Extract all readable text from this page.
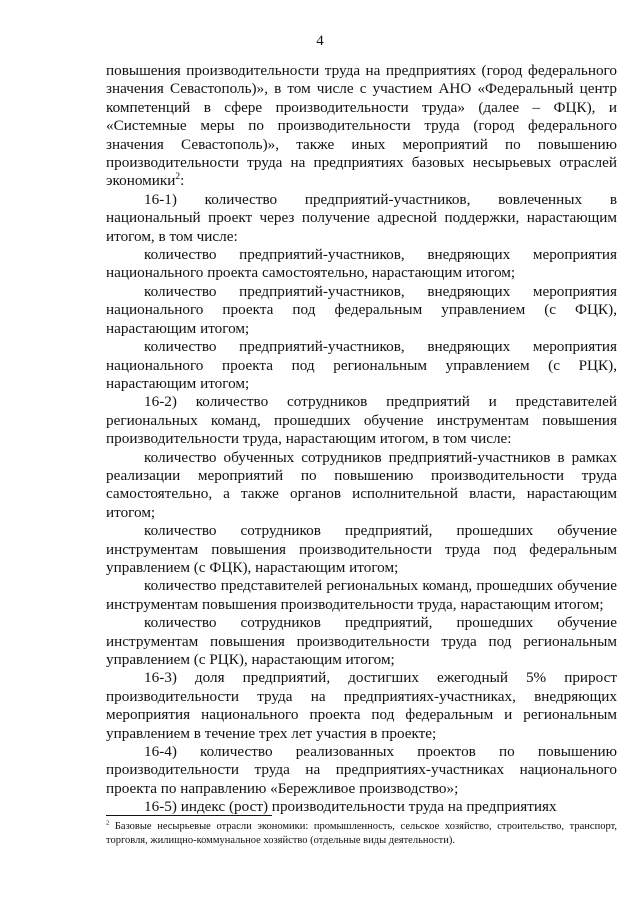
4

повышения производительности труда на предприятиях (город федерального значения Севастополь)», в том числе с участием АНО «Федеральный центр компетенций в сфере производительности труда» (далее – ФЦК), и «Системные меры по производительности труда (город федерального значения Севастополь)», также иных мероприятий по повышению производительности труда на предприятиях базовых несырьевых отраслей экономики$^2$:

16-1) количество предприятий-участников, вовлеченных в национальный проект через получение адресной поддержки, нарастающим итогом, в том числе:

количество предприятий-участников, внедряющих мероприятия национального проекта самостоятельно, нарастающим итогом;

количество предприятий-участников, внедряющих мероприятия национального проекта под федеральным управлением (с ФЦК), нарастающим итогом;

количество предприятий-участников, внедряющих мероприятия национального проекта под региональным управлением (с РЦК), нарастающим итогом;

16-2) количество сотрудников предприятий и представителей региональных команд, прошедших обучение инструментам повышения производительности труда, нарастающим итогом, в том числе:

количество обученных сотрудников предприятий-участников в рамках реализации мероприятий по повышению производительности труда самостоятельно, а также органов исполнительной власти, нарастающим итогом;

количество сотрудников предприятий, прошедших обучение инструментам повышения производительности труда под федеральным управлением (с ФЦК), нарастающим итогом;

количество представителей региональных команд, прошедших обучение инструментам повышения производительности труда, нарастающим итогом;

количество сотрудников предприятий, прошедших обучение инструментам повышения производительности труда под региональным управлением (с РЦК), нарастающим итогом;

16-3) доля предприятий, достигших ежегодный 5% прирост производительности труда на предприятиях-участниках, внедряющих мероприятия национального проекта под федеральным и региональным управлением в течение трех лет участия в проекте;

16-4) количество реализованных проектов по повышению производительности труда на предприятиях-участниках национального проекта по направлению «Бережливое производство»;

16-5) индекс (рост) производительности труда на предприятиях

$^2$ Базовые несырьевые отрасли экономики: промышленность, сельское хозяйство, строительство, транспорт, торговля, жилищно-коммунальное хозяйство (отдельные виды деятельности).
